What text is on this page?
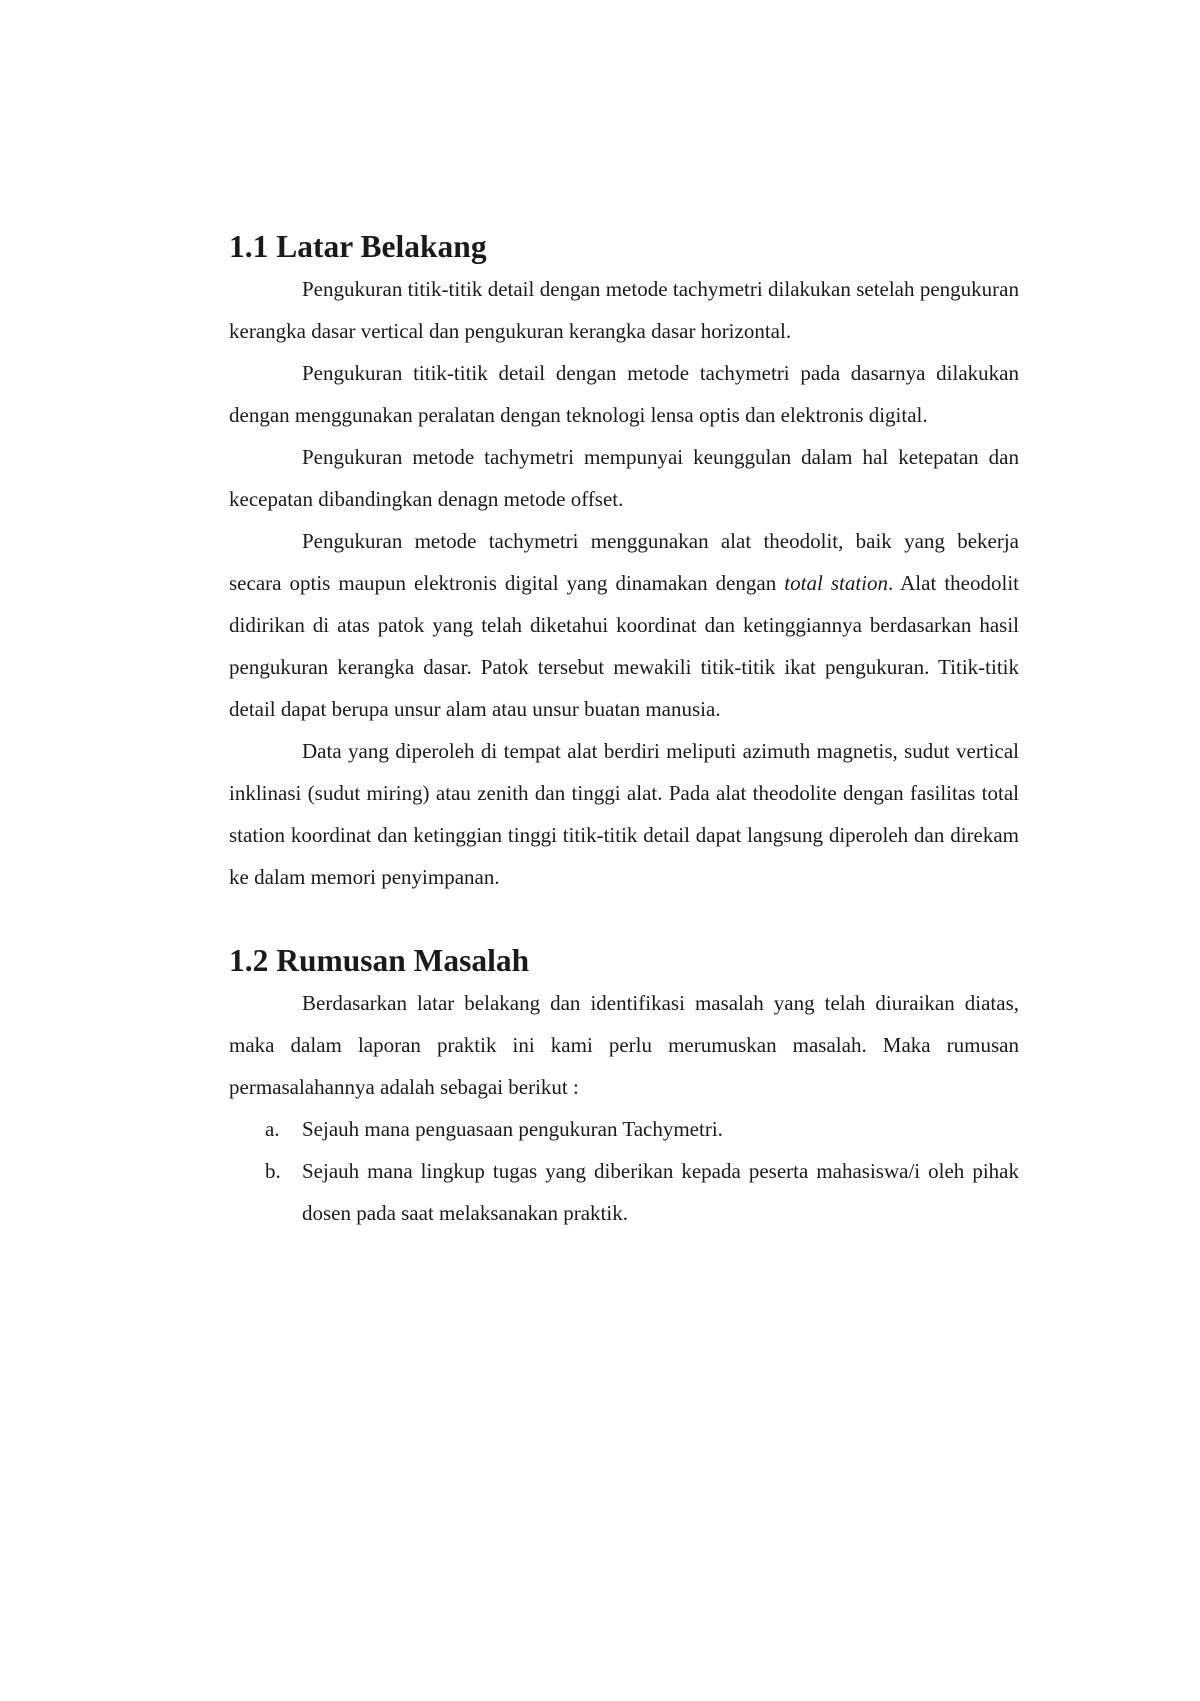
1.1 Latar Belakang

Pengukuran titik-titik detail dengan metode tachymetri dilakukan setelah pengukuran kerangka dasar vertical dan pengukuran kerangka dasar horizontal.

Pengukuran titik-titik detail dengan metode tachymetri pada dasarnya dilakukan dengan menggunakan peralatan dengan teknologi lensa optis dan elektronis digital.

Pengukuran metode tachymetri mempunyai keunggulan dalam hal ketepatan dan kecepatan dibandingkan denagn metode offset.

Pengukuran metode tachymetri menggunakan alat theodolit, baik yang bekerja secara optis maupun elektronis digital yang dinamakan dengan total station. Alat theodolit didirikan di atas patok yang telah diketahui koordinat dan ketinggiannya berdasarkan hasil pengukuran kerangka dasar. Patok tersebut mewakili titik-titik ikat pengukuran. Titik-titik detail dapat berupa unsur alam atau unsur buatan manusia.

Data yang diperoleh di tempat alat berdiri meliputi azimuth magnetis, sudut vertical inklinasi (sudut miring) atau zenith dan tinggi alat. Pada alat theodolite dengan fasilitas total station koordinat dan ketinggian tinggi titik-titik detail dapat langsung diperoleh dan direkam ke dalam memori penyimpanan.

1.2 Rumusan Masalah

Berdasarkan latar belakang dan identifikasi masalah yang telah diuraikan diatas, maka dalam laporan praktik ini kami perlu merumuskan masalah. Maka rumusan permasalahannya adalah sebagai berikut :

a.	Sejauh mana penguasaan pengukuran Tachymetri.
b.	Sejauh mana lingkup tugas yang diberikan kepada peserta mahasiswa/i oleh pihak dosen pada saat melaksanakan praktik.
